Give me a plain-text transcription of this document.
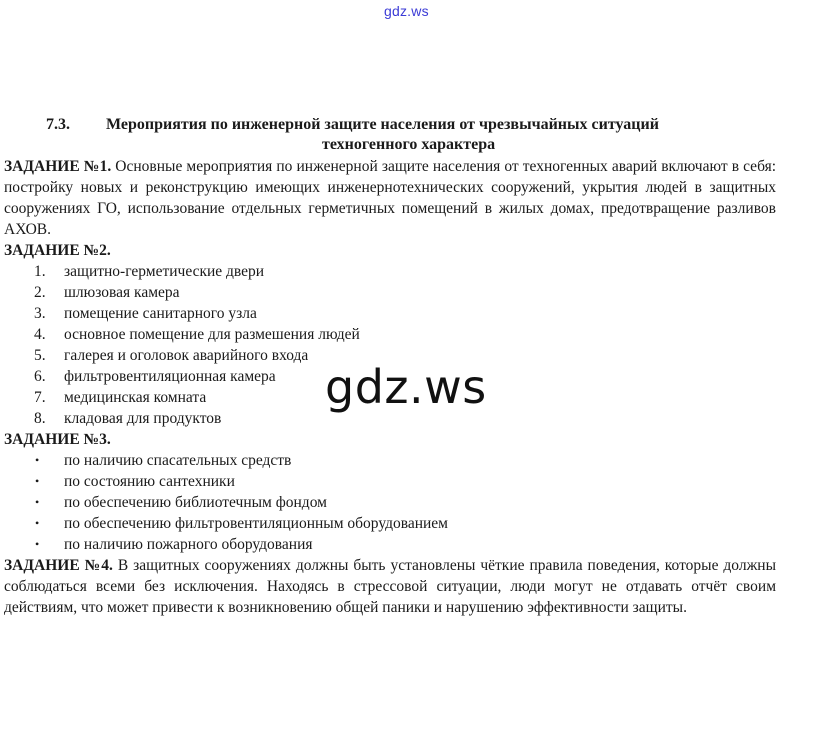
gdz.ws
7.3. Мероприятия по инженерной защите населения от чрезвычайных ситуаций
техногенного характера

ЗАДАНИЕ №1. Основные мероприятия по инженерной защите населения от техногенных аварий включают в себя: постройку новых и реконструкцию имеющих инженернотехнических сооружений, укрытия людей в защитных сооружениях ГО, использование отдельных герметичных помещений в жилых домах, предотвращение разливов АХОВ.

ЗАДАНИЕ №2.

1.	защитно-герметические двери
2.	шлюзовая камера
3.	помещение санитарного узла
4.	основное помещение для размешения людей
5.	галерея и оголовок аварийного входа
6.	фильтровентиляционная камера
7.	медицинская комната
8.	кладовая для продуктов

ЗАДАНИЕ №3.

• по наличию спасательных средств
• по состоянию сантехники
• по обеспечению библиотечным фондом
• по обеспечению фильтровентиляционным оборудованием
• по наличию пожарного оборудования

ЗАДАНИЕ №4. В защитных сооружениях должны быть установлены чёткие правила поведения, которые должны соблюдаться всеми без исключения. Находясь в стрессовой ситуации, люди могут не отдавать отчёт своим действиям, что может привести к возникновению общей паники и нарушению эффективности защиты.

gdz.ws
